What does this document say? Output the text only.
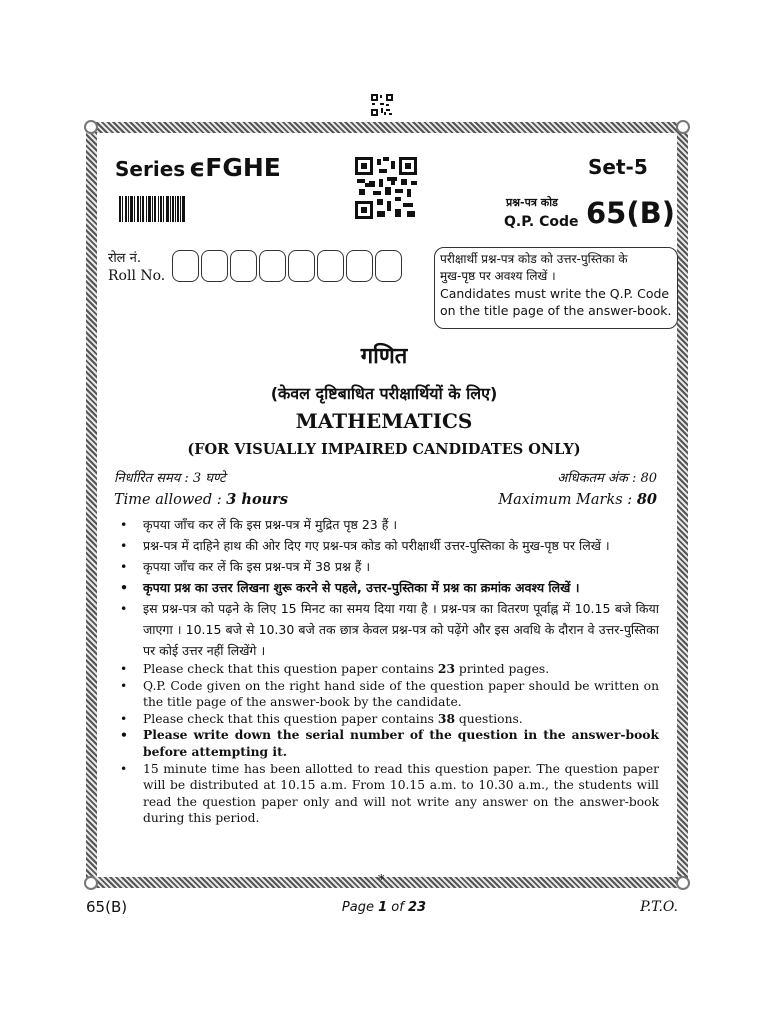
Series ϵFGHE	Set-5
प्रश्न-पत्र कोड
Q.P. Code 65(B)
रोल नं.
Roll No.
परीक्षार्थी प्रश्न-पत्र कोड को उत्तर-पुस्तिका के
मुख-पृष्ठ पर अवश्य लिखें ।
Candidates must write the Q.P. Code
on the title page of the answer-book.
गणित
(केवल दृष्टिबाधित परीक्षार्थियों के लिए)
MATHEMATICS
(FOR VISUALLY IMPAIRED CANDIDATES ONLY)
निर्धारित समय : 3 घण्टे	अधिकतम अंक : 80
Time allowed : 3 hours	Maximum Marks : 80
• कृपया जाँच कर लें कि इस प्रश्न-पत्र में मुद्रित पृष्ठ 23 हैं ।
• प्रश्न-पत्र में दाहिने हाथ की ओर दिए गए प्रश्न-पत्र कोड को परीक्षार्थी उत्तर-पुस्तिका के मुख-पृष्ठ पर लिखें ।
• कृपया जाँच कर लें कि इस प्रश्न-पत्र में 38 प्रश्न हैं ।
• कृपया प्रश्न का उत्तर लिखना शुरू करने से पहले, उत्तर-पुस्तिका में प्रश्न का क्रमांक अवश्य लिखें ।
• इस प्रश्न-पत्र को पढ़ने के लिए 15 मिनट का समय दिया गया है । प्रश्न-पत्र का वितरण पूर्वाह्न में 10.15 बजे किया जाएगा । 10.15 बजे से 10.30 बजे तक छात्र केवल प्रश्न-पत्र को पढ़ेंगे और इस अवधि के दौरान वे उत्तर-पुस्तिका पर कोई उत्तर नहीं लिखेंगे ।
• Please check that this question paper contains 23 printed pages.
• Q.P. Code given on the right hand side of the question paper should be written on the title page of the answer-book by the candidate.
• Please check that this question paper contains 38 questions.
• Please write down the serial number of the question in the answer-book before attempting it.
• 15 minute time has been allotted to read this question paper. The question paper will be distributed at 10.15 a.m. From 10.15 a.m. to 10.30 a.m., the students will read the question paper only and will not write any answer on the answer-book during this period.
*
65(B)	Page 1 of 23	P.T.O.
